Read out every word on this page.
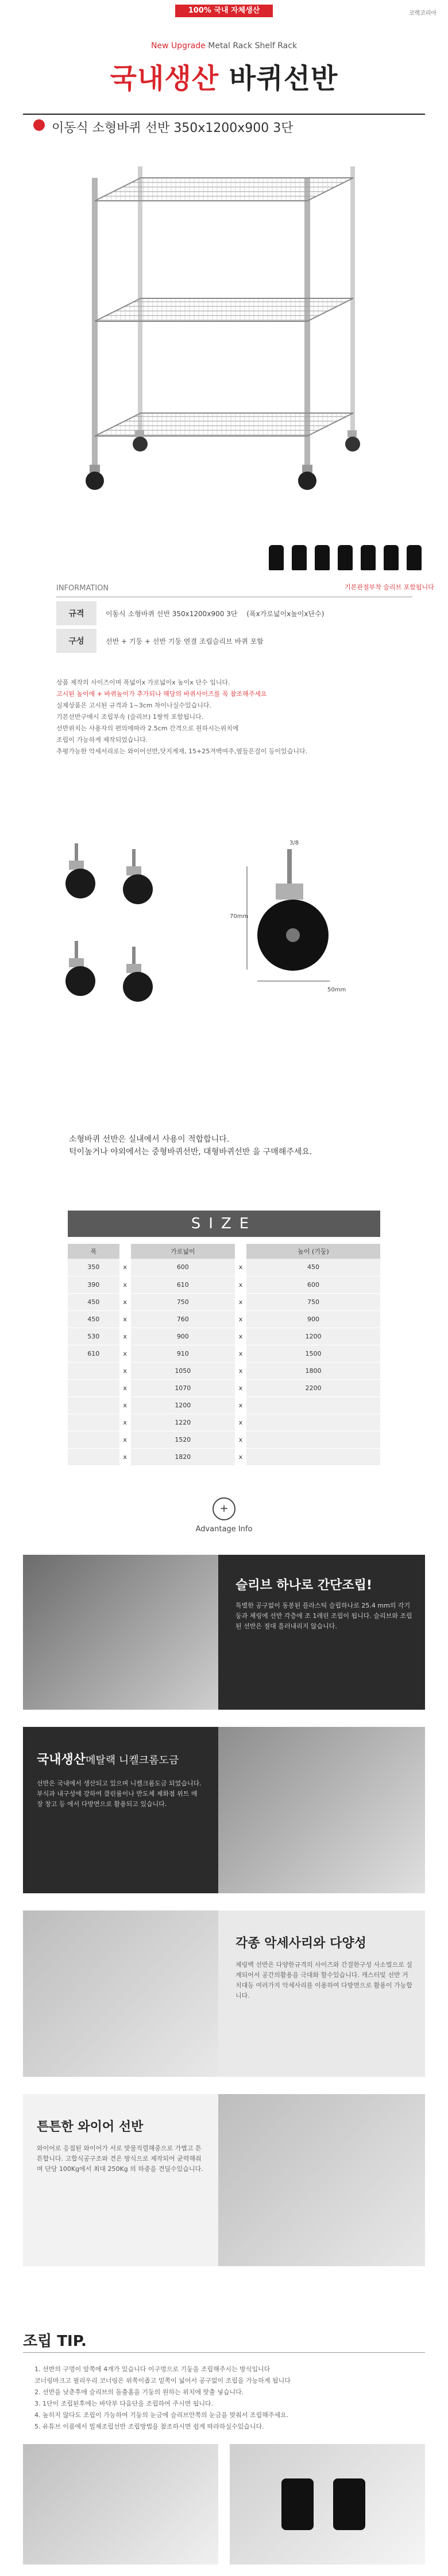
100% 국내 자체생산	코렉코리아
New Upgrade Metal Rack Shelf Rack
국내생산 바퀴선반
이동식 소형바퀴 선반 350x1200x900 3단
기본관절부착 슬리브 포함됩니다
INFORMATION
규격	이동식 소형바퀴 선반 350x1200x900 3단	(폭x가로넓이x높이x단수)
구성	선반 + 기둥 + 선반 기둥 연결 조립슬리브 바퀴 포함
상품 제작의 사이즈이며 폭넓이x 가로넓이x 높이x 단수 입니다.
고시된 높이에 + 바퀴높이가 추가되나 해당의 바퀴사이즈를 꼭 참조해주세요
실제상품은 고시된 규격과 1~3cm 차이나실수있습니다.
기본선반구매시 조립부속 (슬리브) 1쌍씩 포함됩니다.
선반위치는 사용자의 편의에따라 2.5cm 간격으로 원하시는위치에
조립이 가능하게 제작되었습니다.
추평가능한 악세서리로는 와이어선반,닷지게재, 15+25겨백여주,옆들은걸이 등이있습니다.
3/8
70mm
50mm
소형바퀴 선반은 실내에서 사용이 적합합니다.
턱이높거나 야외에서는 중형바퀴선반, 대형바퀴선반 을 구매해주세요.
SIZE
폭		가로넓이		높이 (기둥)
350	x	600	x	450
390	x	610	x	600
450	x	750	x	750
450	x	760	x	900
530	x	900	x	1200
610	x	910	x	1500
	x	1050	x	1800
	x	1070	x	2200
	x	1200	x	
	x	1220	x	
	x	1520	x	
	x	1820	x	
+
Advantage Info
슬리브 하나로 간단조립!
특별한 공구없이 동봉된 플라스틱 슬립하나로 25.4 mm의 각기둥과 체링에 선반 각층에 조 1레린 조립이 됩니다. 슬리브와 조립된 선반은 절대 흘러내리지 않습니다.
국내생산메탈랙 니켈크롬도금
선반은 국내에서 생산되고 있으며 니켈크롬도금 되었습니다. 부식과 내구성에 강하여 클린룸이나 반도체 제화점 위트 매장 창고 등 에서 다방면으로 활용되고 있습니다.
각종 악세사리와 다양성
체링백 선반은 다양한규격의 사이즈와 간결한구성 사소벌으로 설계되어서 공간의활용을 극대화 할수있습니다. 캐스터및 선반 거치대등 여러가지 악세사리를 이용하여 다방면으로 활용이 가능합니다.
튼튼한 와이어 선반
와이어로 응접된 와이어가 서로 맞물직렬해중으로 가볍고 튼튼합니다. 고합식공구조와 견은 방식으로 제작되어 균력해줘며 단당 100Kg에서 최대 250Kg 의 하중을 견딜수있습니다.
조립 TIP.
1. 선반의 구멍이 앞쪽에 4개가 있습니다 이구멍으로 기둥을 조립해주시는 방식입니다
코너링마크고 필리우리 코너링은 위쪽이좁고 밑쪽이 넓어서 공구없이 조립을 가능하게 됩니다
2. 선반을 낮춘후에 슬리브의 돌출홈을 기둥의 원하는 위치에 맞출 넣습니다.
3. 1단이 조립된후에는 바닥부 다음단을 조립하여 주시면 됩니다.
4. 높히지 않다도 조립이 가능하여 기둥의 눈금에 슬리브안쪽의 눈금을 맞춰서 조립해주세요.
5. 유튜브 이름에서 빌제조립선반 조립방법을 참조하시면 쉽게 따라하실수있습니다.
